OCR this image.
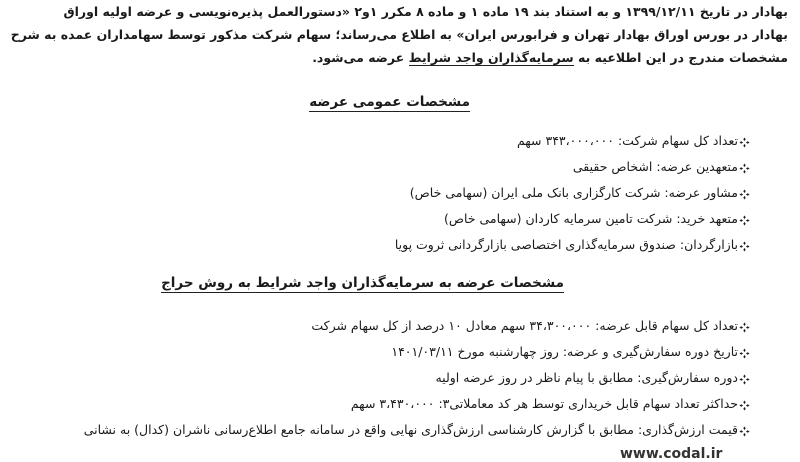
بهادار در تاریخ ۱۳۹۹/۱۲/۱۱ و به استناد بند ۱۹ ماده ۱ و ماده ۸ مکرر ۱و۲ «دستورالعمل پذیره‌نویسی و عرضه اولیه اوراق
بهادار در بورس اوراق بهادار تهران و فرابورس ایران» به اطلاع می‌رساند؛ سهام شرکت مذکور توسط سهامداران عمده به شرح
مشخصات مندرج در این اطلاعیه به سرمایه‌گذاران واجد شرایط عرضه می‌شود.
مشخصات عمومی عرضه
تعداد کل سهام شرکت: ۳۴۳،۰۰۰،۰۰۰ سهم
متعهدین عرضه: اشخاص حقیقی
مشاور عرضه: شرکت کارگزاری بانک ملی ایران (سهامی خاص)
متعهد خرید: شرکت تامین سرمایه کاردان (سهامی خاص)
بازارگردان: صندوق سرمایه‌گذاری اختصاصی بازارگردانی ثروت پویا
مشخصات عرضه به سرمایه‌گذاران واجد شرایط به روش حراج
تعداد کل سهام قابل عرضه: ۳۴،۳۰۰،۰۰۰ سهم معادل ۱۰ درصد از کل سهام شرکت
تاریخ دوره سفارش‌گیری و عرضه: روز چهارشنبه مورخ ۱۴۰۱/۰۳/۱۱
دوره سفارش‌گیری: مطابق با پیام ناظر در روز عرضه اولیه
حداکثر تعداد سهام قابل خریداری توسط هر کد معاملاتی۳: ۳،۴۳۰،۰۰۰ سهم
قیمت ارزش‌گذاری: مطابق با گزارش کارشناسی ارزش‌گذاری نهایی واقع در سامانه جامع اطلاع‌رسانی ناشران (کدال) به نشانی
www.codal.ir
